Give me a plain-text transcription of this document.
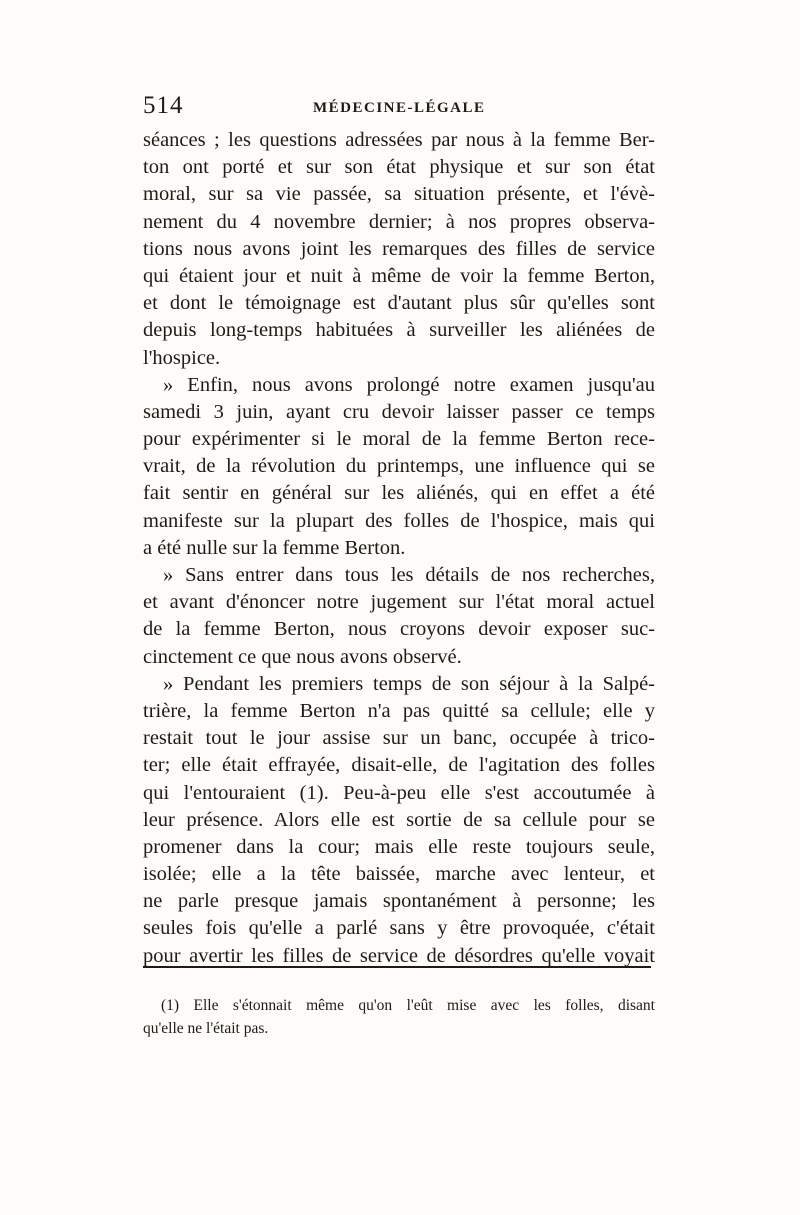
514	MÉDECINE-LÉGALE
séances ; les questions adressées par nous à la femme Ber-
ton ont porté et sur son état physique et sur son état
moral, sur sa vie passée, sa situation présente, et l'évè-
nement du 4 novembre dernier; à nos propres observa-
tions nous avons joint les remarques des filles de service
qui étaient jour et nuit à même de voir la femme Berton,
et dont le témoignage est d'autant plus sûr qu'elles sont
depuis long-temps habituées à surveiller les aliénées de
l'hospice.
» Enfin, nous avons prolongé notre examen jusqu'au
samedi 3 juin, ayant cru devoir laisser passer ce temps
pour expérimenter si le moral de la femme Berton rece-
vrait, de la révolution du printemps, une influence qui se
fait sentir en général sur les aliénés, qui en effet a été
manifeste sur la plupart des folles de l'hospice, mais qui
a été nulle sur la femme Berton.
» Sans entrer dans tous les détails de nos recherches,
et avant d'énoncer notre jugement sur l'état moral actuel
de la femme Berton, nous croyons devoir exposer suc-
cinctement ce que nous avons observé.
» Pendant les premiers temps de son séjour à la Salpé-
trière, la femme Berton n'a pas quitté sa cellule; elle y
restait tout le jour assise sur un banc, occupée à trico-
ter; elle était effrayée, disait-elle, de l'agitation des folles
qui l'entouraient (1). Peu-à-peu elle s'est accoutumée à
leur présence. Alors elle est sortie de sa cellule pour se
promener dans la cour; mais elle reste toujours seule,
isolée; elle a la tête baissée, marche avec lenteur, et
ne parle presque jamais spontanément à personne; les
seules fois qu'elle a parlé sans y être provoquée, c'était
pour avertir les filles de service de désordres qu'elle voyait
(1) Elle s'étonnait même qu'on l'eût mise avec les folles, disant
qu'elle ne l'était pas.
